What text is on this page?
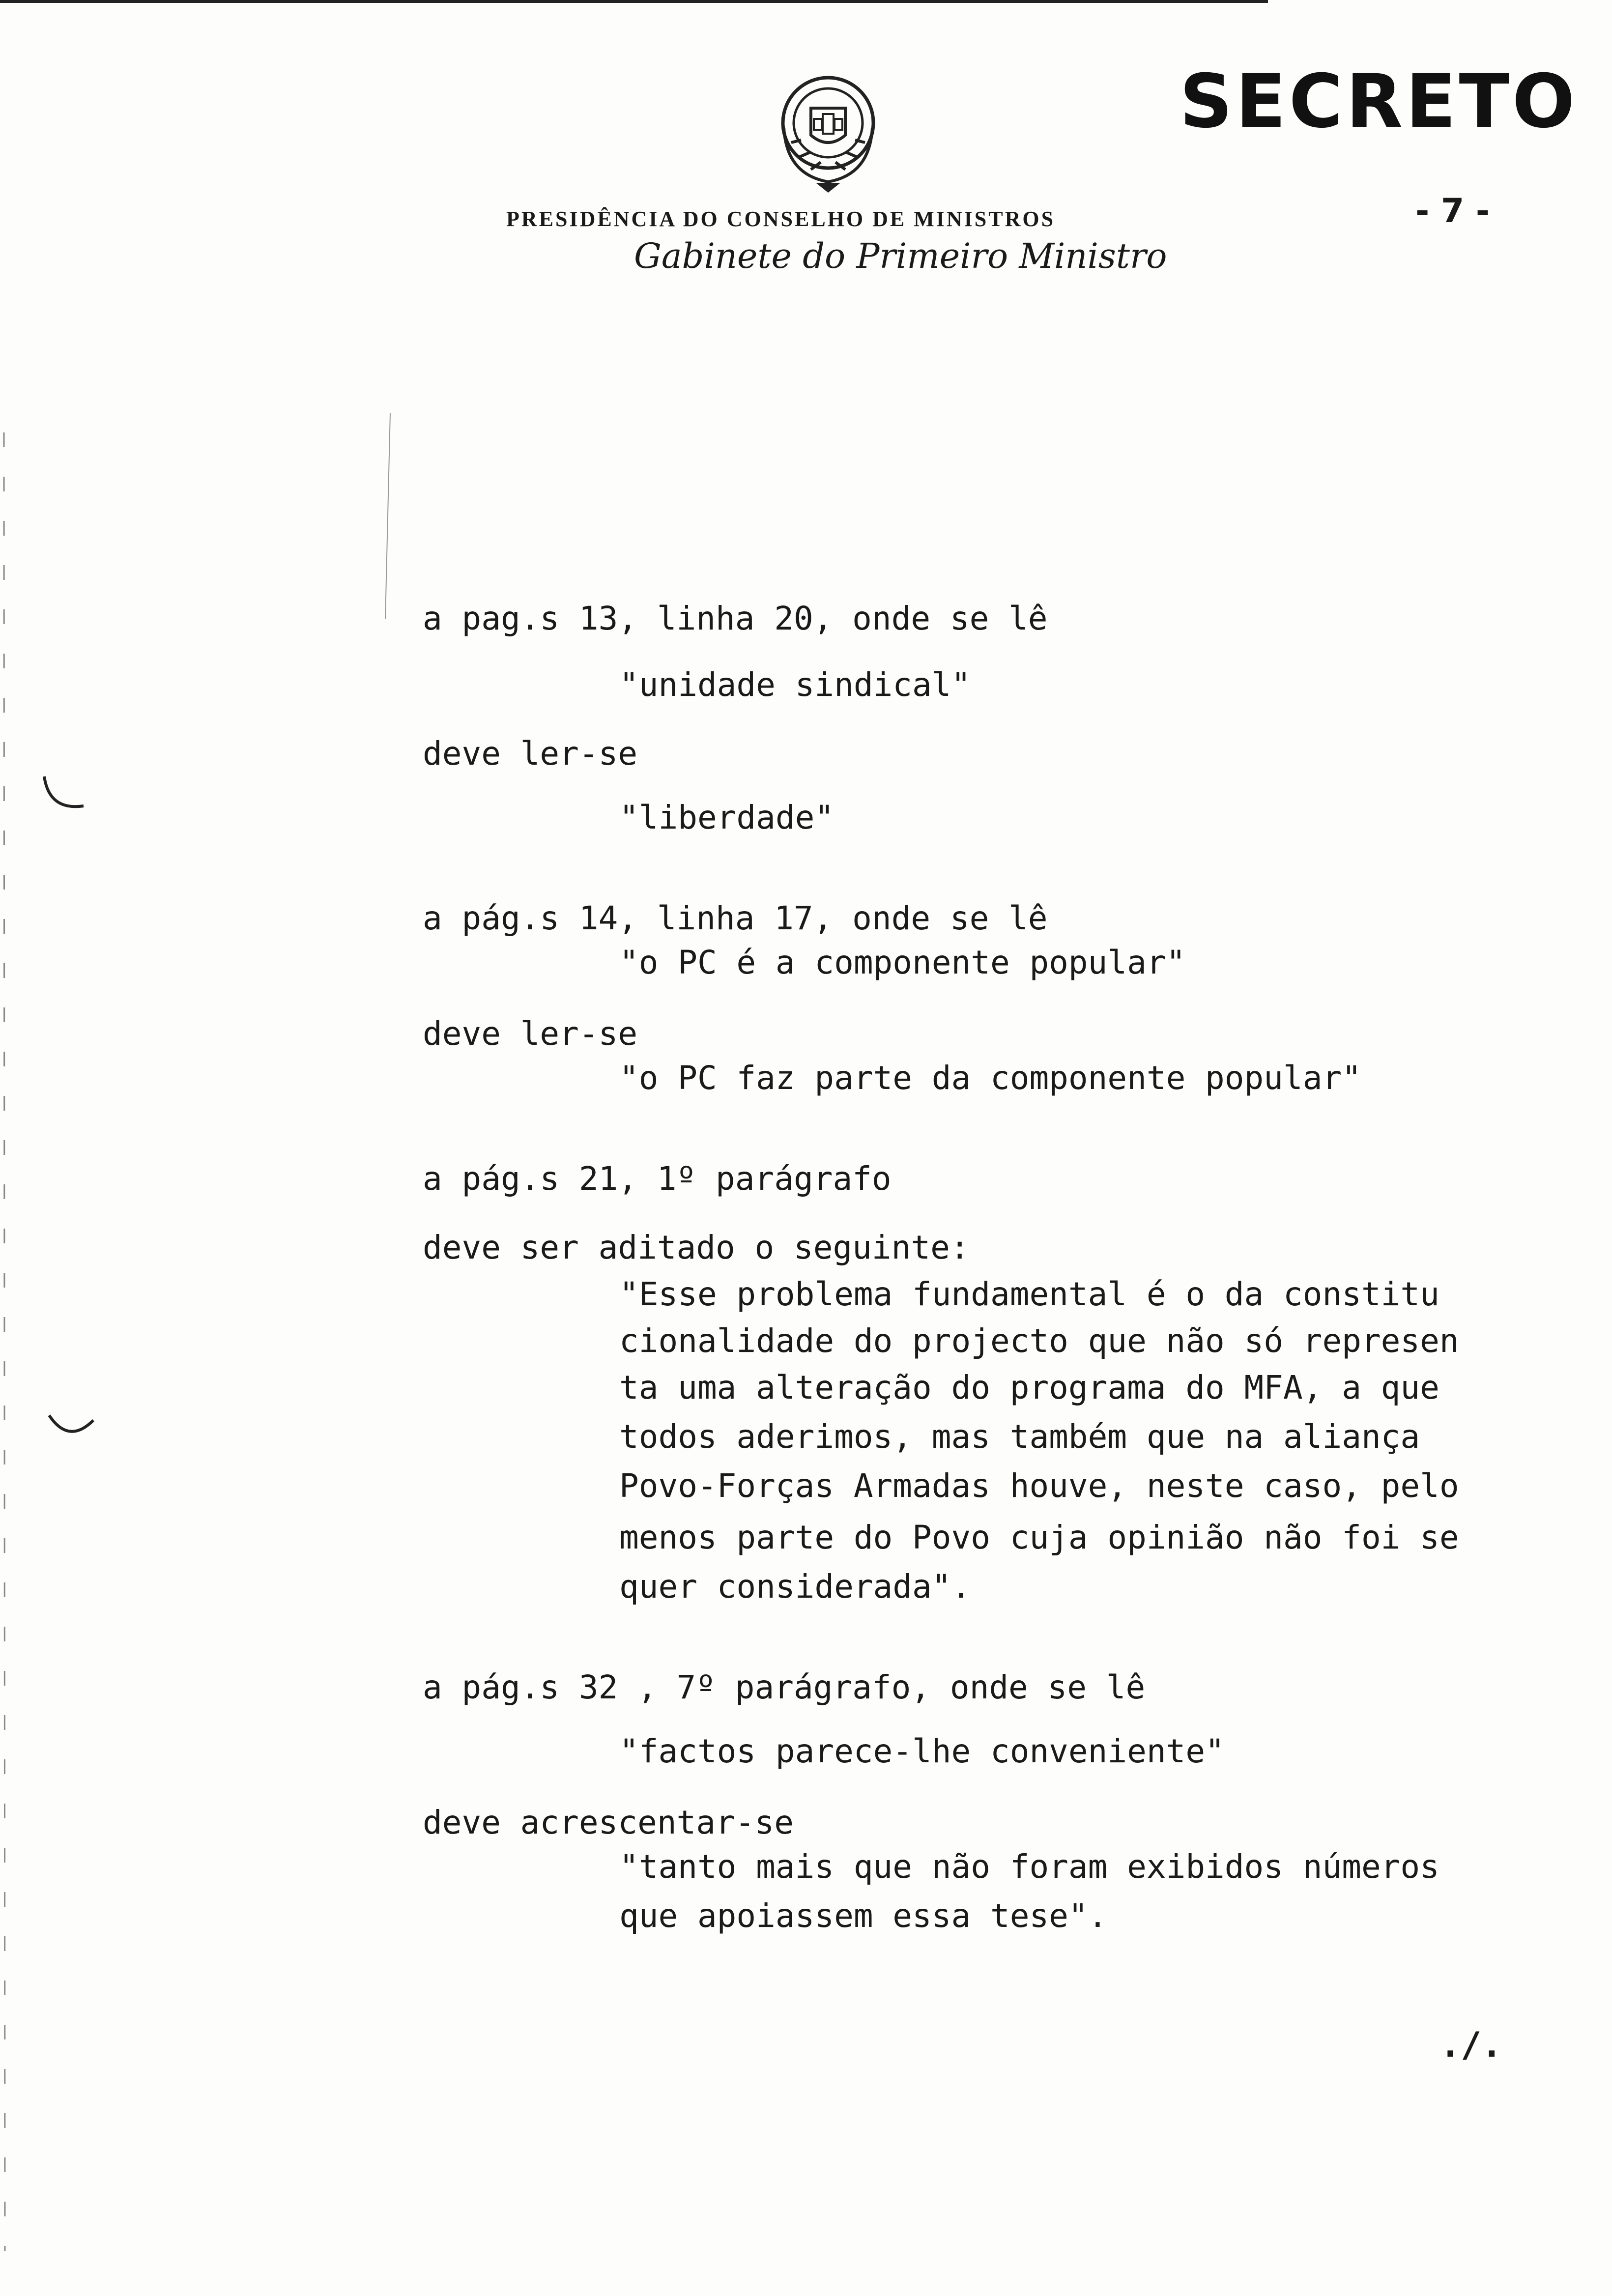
SECRETO
- 7 -
PRESIDÊNCIA DO CONSELHO DE MINISTROS
Gabinete do Primeiro Ministro
a pag.s 13, linha 20, onde se lê
"unidade sindical"
deve ler-se
"liberdade"
a pág.s 14, linha 17, onde se lê
"o PC é a componente popular"
deve ler-se
"o PC faz parte da componente popular"
a pág.s 21, 1º parágrafo
deve ser aditado o seguinte:
"Esse problema fundamental é o da constitu
cionalidade do projecto que não só represen
ta uma alteração do programa do MFA, a que
todos aderimos, mas também que na aliança
Povo-Forças Armadas houve, neste caso, pelo
menos parte do Povo cuja opinião não foi se
quer considerada".
a pág.s 32 , 7º parágrafo, onde se lê
"factos parece-lhe conveniente"
deve acrescentar-se
"tanto mais que não foram exibidos números
que apoiassem essa tese".
./.
